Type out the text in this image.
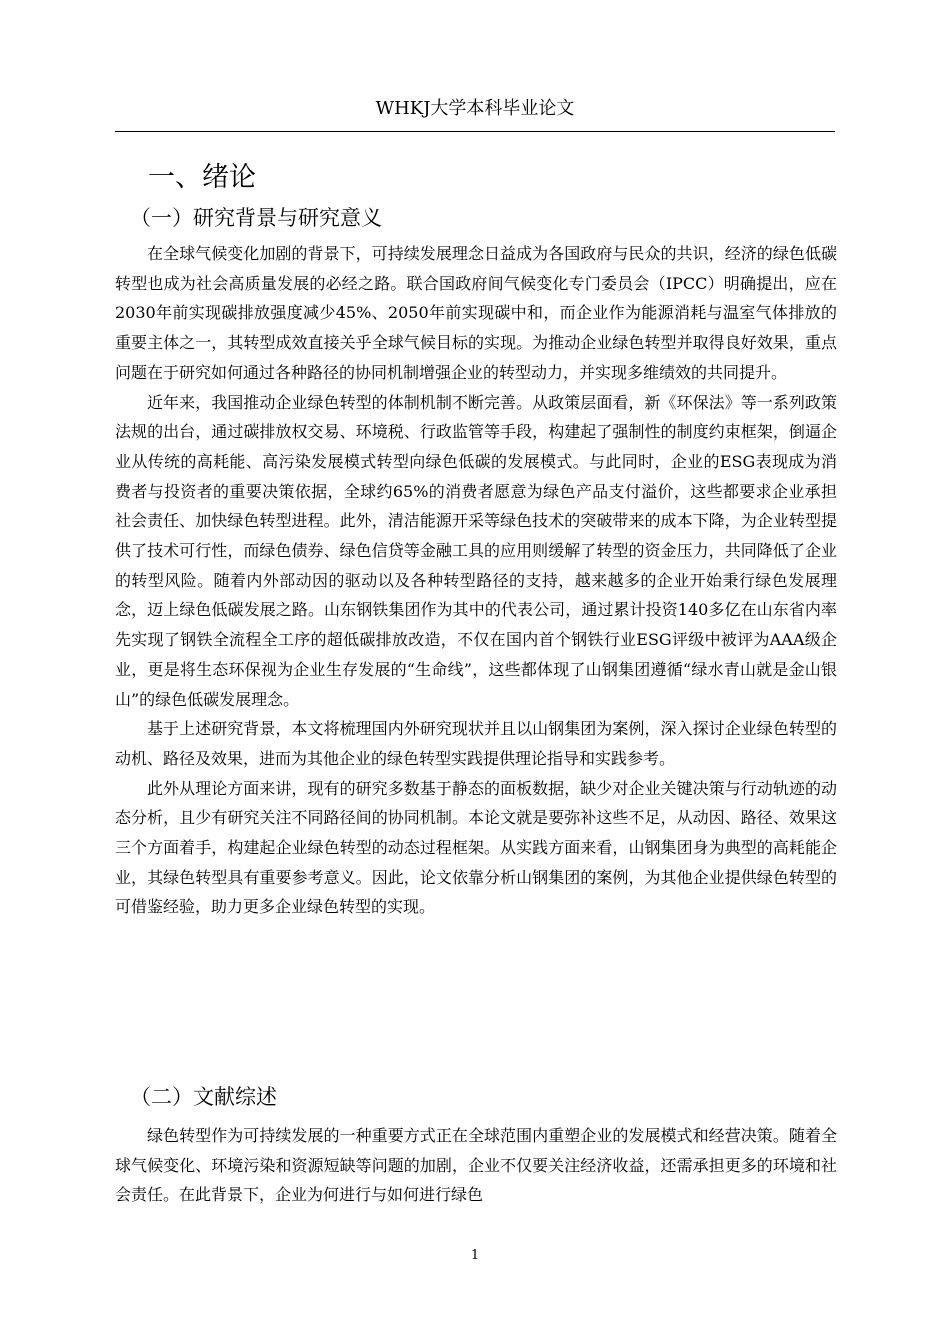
WHKJ大学本科毕业论文
一、绪论
（一）研究背景与研究意义

在全球气候变化加剧的背景下，可持续发展理念日益成为各国政府与民众的共识，经济的绿色低碳转型也成为社会高质量发展的必经之路。联合国政府间气候变化专门委员会（IPCC）明确提出，应在2030年前实现碳排放强度减少45%、2050年前实现碳中和，而企业作为能源消耗与温室气体排放的重要主体之一，其转型成效直接关乎全球气候目标的实现。为推动企业绿色转型并取得良好效果，重点问题在于研究如何通过各种路径的协同机制增强企业的转型动力，并实现多维绩效的共同提升。

近年来，我国推动企业绿色转型的体制机制不断完善。从政策层面看，新《环保法》等一系列政策法规的出台，通过碳排放权交易、环境税、行政监管等手段，构建起了强制性的制度约束框架，倒逼企业从传统的高耗能、高污染发展模式转型向绿色低碳的发展模式。与此同时，企业的ESG表现成为消费者与投资者的重要决策依据，全球约65%的消费者愿意为绿色产品支付溢价，这些都要求企业承担社会责任、加快绿色转型进程。此外，清洁能源开采等绿色技术的突破带来的成本下降，为企业转型提供了技术可行性，而绿色债券、绿色信贷等金融工具的应用则缓解了转型的资金压力，共同降低了企业的转型风险。随着内外部动因的驱动以及各种转型路径的支持，越来越多的企业开始秉行绿色发展理念，迈上绿色低碳发展之路。山东钢铁集团作为其中的代表公司，通过累计投资140多亿在山东省内率先实现了钢铁全流程全工序的超低碳排放改造，不仅在国内首个钢铁行业ESG评级中被评为AAA级企业，更是将生态环保视为企业生存发展的“生命线”，这些都体现了山钢集团遵循“绿水青山就是金山银山”的绿色低碳发展理念。

基于上述研究背景，本文将梳理国内外研究现状并且以山钢集团为案例，深入探讨企业绿色转型的动机、路径及效果，进而为其他企业的绿色转型实践提供理论指导和实践参考。

此外从理论方面来讲，现有的研究多数基于静态的面板数据，缺少对企业关键决策与行动轨迹的动态分析，且少有研究关注不同路径间的协同机制。本论文就是要弥补这些不足，从动因、路径、效果这三个方面着手，构建起企业绿色转型的动态过程框架。从实践方面来看，山钢集团身为典型的高耗能企业，其绿色转型具有重要参考意义。因此，论文依靠分析山钢集团的案例，为其他企业提供绿色转型的可借鉴经验，助力更多企业绿色转型的实现。

（二）文献综述

绿色转型作为可持续发展的一种重要方式正在全球范围内重塑企业的发展模式和经营决策。随着全球气候变化、环境污染和资源短缺等问题的加剧，企业不仅要关注经济收益，还需承担更多的环境和社会责任。在此背景下，企业为何进行与如何进行绿色

1
